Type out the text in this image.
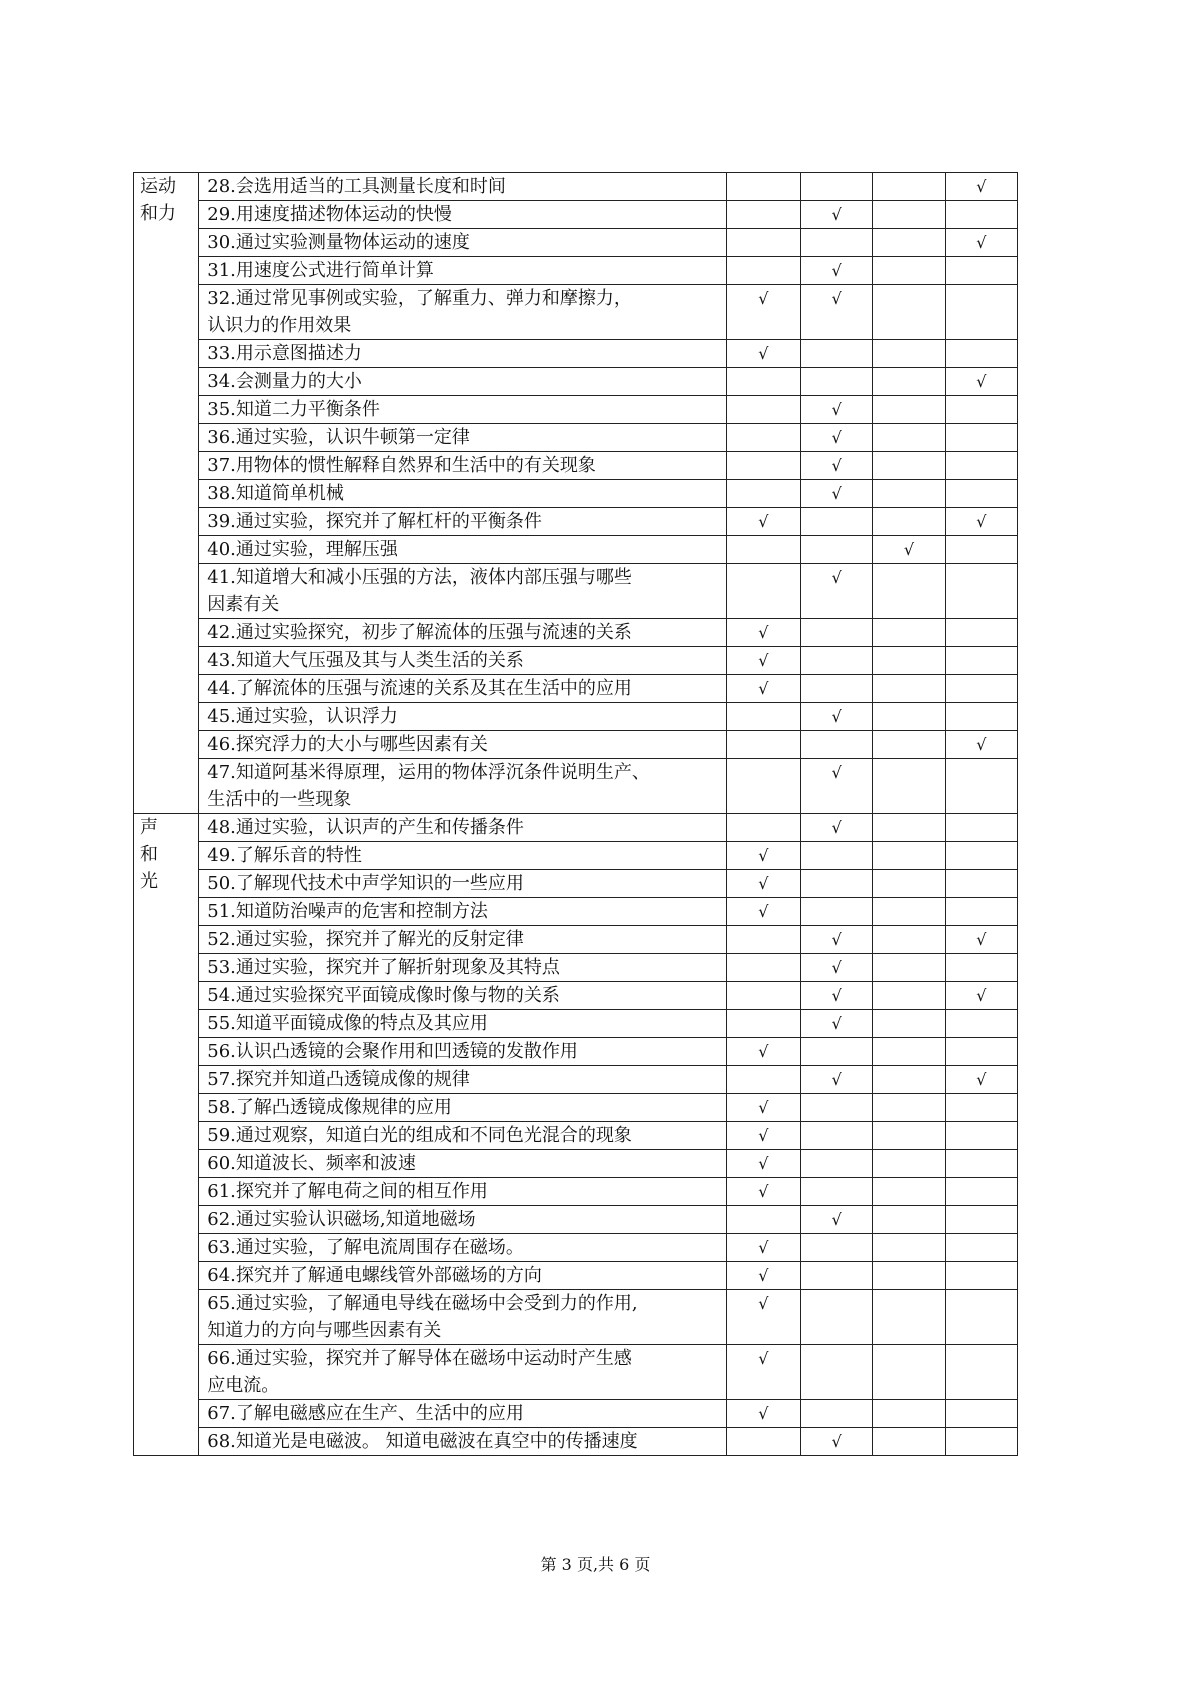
运动
和力	28.会选用适当的工具测量长度和时间				√
	29.用速度描述物体运动的快慢		√		
	30.通过实验测量物体运动的速度				√
	31.用速度公式进行简单计算		√		
	32.通过常见事例或实验，了解重力、弹力和摩擦力，
认识力的作用效果	√	√		
	33.用示意图描述力	√			
	34.会测量力的大小				√
	35.知道二力平衡条件		√		
	36.通过实验，认识牛顿第一定律		√		
	37.用物体的惯性解释自然界和生活中的有关现象		√		
	38.知道简单机械		√		
	39.通过实验，探究并了解杠杆的平衡条件	√			√
	40.通过实验，理解压强			√	
	41.知道增大和减小压强的方法，液体内部压强与哪些
因素有关		√		
	42.通过实验探究，初步了解流体的压强与流速的关系	√			
	43.知道大气压强及其与人类生活的关系	√			
	44.了解流体的压强与流速的关系及其在生活中的应用	√			
	45.通过实验，认识浮力		√		
	46.探究浮力的大小与哪些因素有关				√
	47.知道阿基米得原理，运用的物体浮沉条件说明生产、
生活中的一些现象		√		

声
和
光	48.通过实验，认识声的产生和传播条件		√		
	49.了解乐音的特性	√			
	50.了解现代技术中声学知识的一些应用	√			
	51.知道防治噪声的危害和控制方法	√			
	52.通过实验，探究并了解光的反射定律		√		√
	53.通过实验，探究并了解折射现象及其特点		√		
	54.通过实验探究平面镜成像时像与物的关系		√		√
	55.知道平面镜成像的特点及其应用		√		
	56.认识凸透镜的会聚作用和凹透镜的发散作用	√			
	57.探究并知道凸透镜成像的规律		√		√
	58.了解凸透镜成像规律的应用	√			
	59.通过观察，知道白光的组成和不同色光混合的现象	√			
	60.知道波长、频率和波速	√			
	61.探究并了解电荷之间的相互作用	√			
	62.通过实验认识磁场,知道地磁场		√		
	63.通过实验，了解电流周围存在磁场。	√			
	64.探究并了解通电螺线管外部磁场的方向	√			
	65.通过实验，了解通电导线在磁场中会受到力的作用,
知道力的方向与哪些因素有关	√			
	66.通过实验，探究并了解导体在磁场中运动时产生感
应电流。	√			
	67.了解电磁感应在生产、生活中的应用	√			
	68.知道光是电磁波。 知道电磁波在真空中的传播速度		√		
第 3 页,共 6 页
